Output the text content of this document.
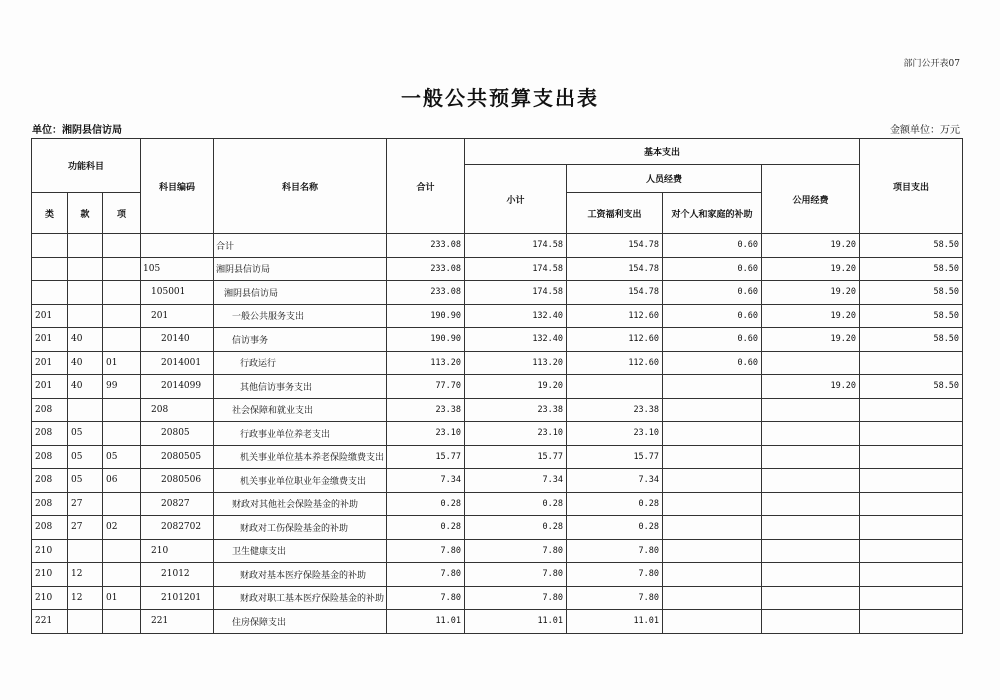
部门公开表07
一般公共预算支出表
单位：湘阴县信访局	金额单位：万元
功能科目			科目编码	科目名称	合计	基本支出				项目支出
						小计	人员经费		公用经费	
类	款	项					工资福利支出	对个人和家庭的补助		
				合计	233.08	174.58	154.78	0.60	19.20	58.50
			105	湘阴县信访局	233.08	174.58	154.78	0.60	19.20	58.50
			105001	湘阴县信访局	233.08	174.58	154.78	0.60	19.20	58.50
201			201	一般公共服务支出	190.90	132.40	112.60	0.60	19.20	58.50
201	40		20140	信访事务	190.90	132.40	112.60	0.60	19.20	58.50
201	40	01	2014001	行政运行	113.20	113.20	112.60	0.60		
201	40	99	2014099	其他信访事务支出	77.70	19.20			19.20	58.50
208			208	社会保障和就业支出	23.38	23.38	23.38			
208	05		20805	行政事业单位养老支出	23.10	23.10	23.10			
208	05	05	2080505	机关事业单位基本养老保险缴费支出	15.77	15.77	15.77			
208	05	06	2080506	机关事业单位职业年金缴费支出	7.34	7.34	7.34			
208	27		20827	财政对其他社会保险基金的补助	0.28	0.28	0.28			
208	27	02	2082702	财政对工伤保险基金的补助	0.28	0.28	0.28			
210			210	卫生健康支出	7.80	7.80	7.80			
210	12		21012	财政对基本医疗保险基金的补助	7.80	7.80	7.80			
210	12	01	2101201	财政对职工基本医疗保险基金的补助	7.80	7.80	7.80			
221			221	住房保障支出	11.01	11.01	11.01			
